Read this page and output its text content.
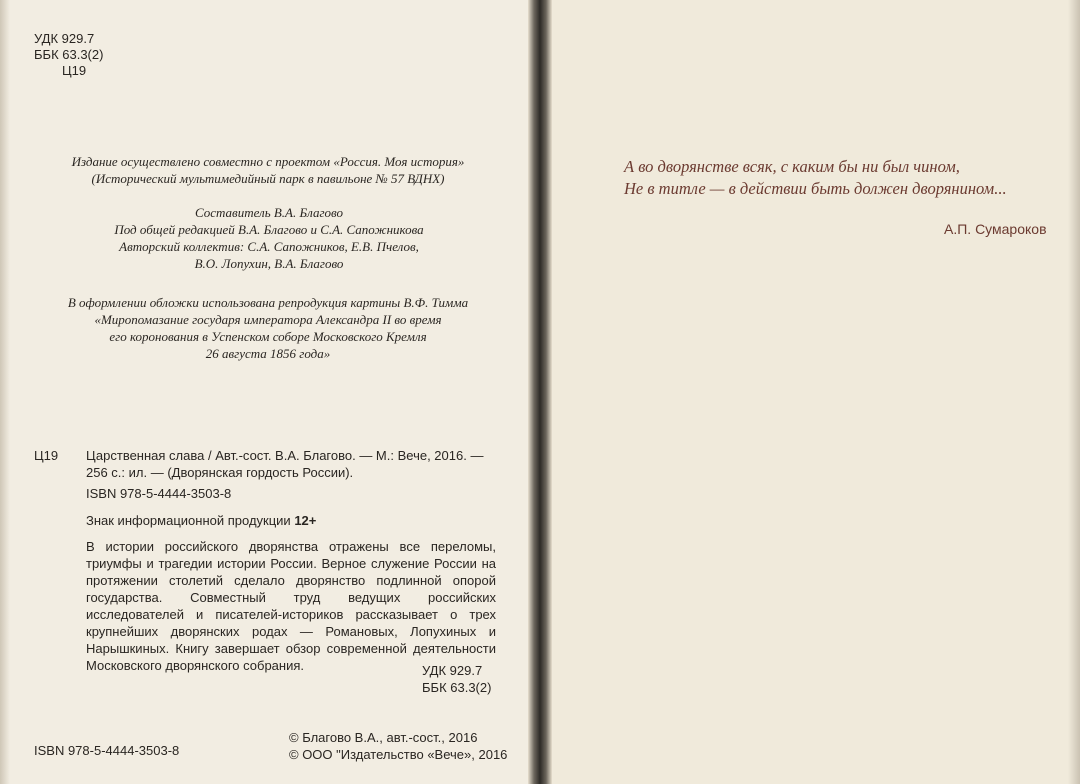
УДК 929.7
ББК 63.3(2)
Ц19
Издание осуществлено совместно с проектом «Россия. Моя история»
(Исторический мультимедийный парк в павильоне № 57 ВДНХ)
Составитель В.А. Благово
Под общей редакцией В.А. Благово и С.А. Сапожникова
Авторский коллектив: С.А. Сапожников, Е.В. Пчелов,
В.О. Лопухин, В.А. Благово
В оформлении обложки использована репродукция картины В.Ф. Тимма
«Миропомазание государя императора Александра II во время
его коронования в Успенском соборе Московского Кремля
26 августа 1856 года»
Ц19 Царственная слава / Авт.-сост. В.А. Благово. — М.: Вече, 2016. — 256 с.: ил. — (Дворянская гордость России).
ISBN 978-5-4444-3503-8
Знак информационной продукции 12+
В истории российского дворянства отражены все переломы, триумфы и трагедии истории России. Верное служение России на протяжении столетий сделало дворянство подлинной опорой государства. Совместный труд ведущих российских исследователей и писателей-историков рассказывает о трех крупнейших дворянских родах — Романовых, Лопухиных и Нарышкиных. Книгу завершает обзор современной деятельности Московского дворянского собрания.	УДК 929.7
ББК 63.3(2)
ISBN 978-5-4444-3503-8
© Благово В.А., авт.-сост., 2016
© ООО "Издательство «Вече», 2016
А во дворянстве всяк, с каким бы ни был чином,
Не в титле — в действии быть должен дворянином...
А.П. Сумароков
